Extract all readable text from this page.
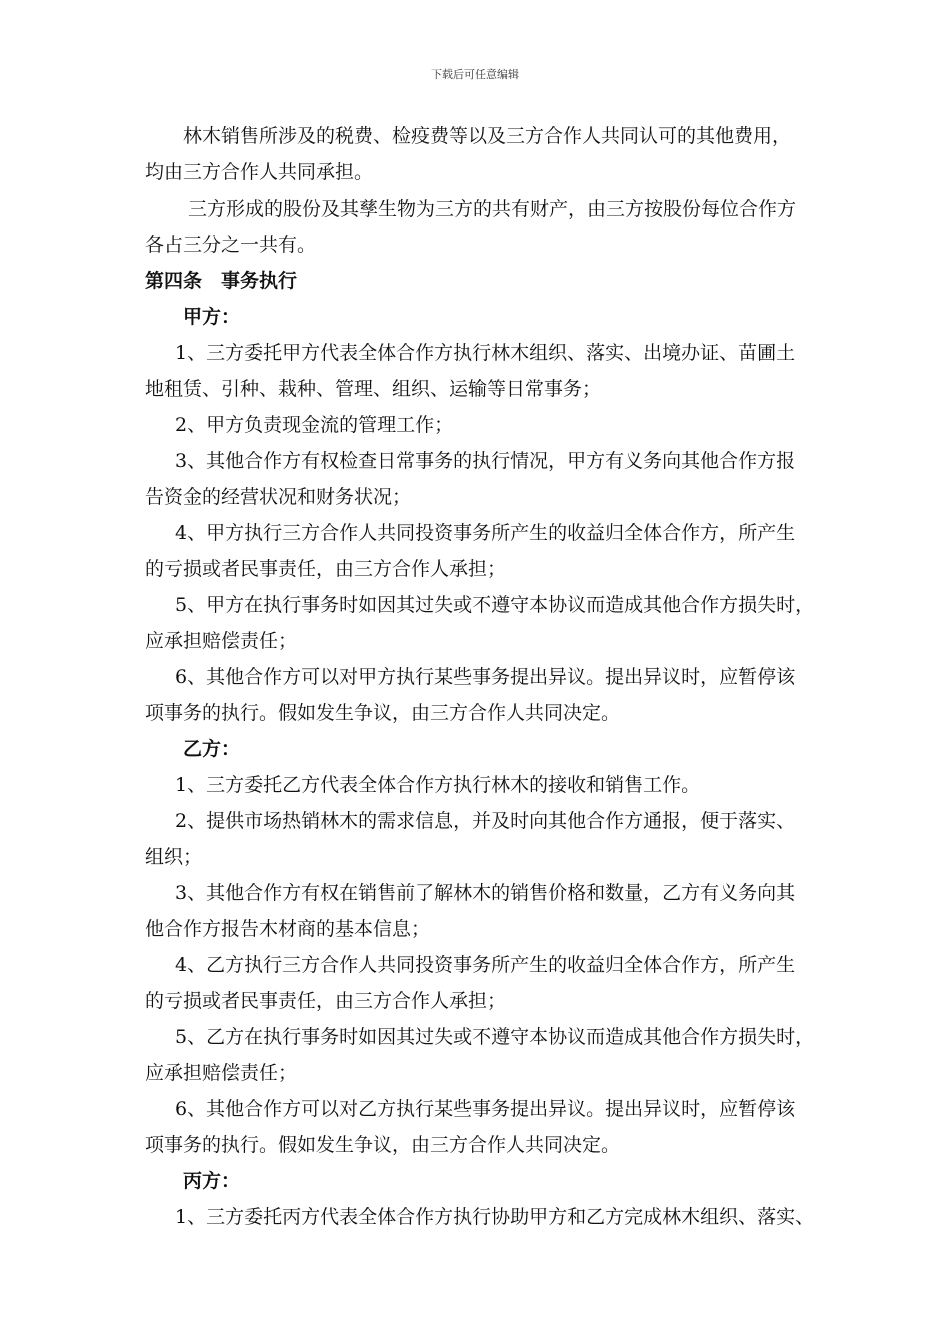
下载后可任意编辑
林木销售所涉及的税费、检疫费等以及三方合作人共同认可的其他费用，
均由三方合作人共同承担。
三方形成的股份及其孳生物为三方的共有财产，由三方按股份每位合作方
各占三分之一共有。
第四条　事务执行
甲方：
1、三方委托甲方代表全体合作方执行林木组织、落实、出境办证、苗圃土
地租赁、引种、栽种、管理、组织、运输等日常事务；
2、甲方负责现金流的管理工作；
3、其他合作方有权检查日常事务的执行情况，甲方有义务向其他合作方报
告资金的经营状况和财务状况；
4、甲方执行三方合作人共同投资事务所产生的收益归全体合作方，所产生
的亏损或者民事责任，由三方合作人承担；
5、甲方在执行事务时如因其过失或不遵守本协议而造成其他合作方损失时，
应承担赔偿责任；
6、其他合作方可以对甲方执行某些事务提出异议。提出异议时，应暂停该
项事务的执行。假如发生争议，由三方合作人共同决定。
乙方：
1、三方委托乙方代表全体合作方执行林木的接收和销售工作。
2、提供市场热销林木的需求信息，并及时向其他合作方通报，便于落实、
组织；
3、其他合作方有权在销售前了解林木的销售价格和数量，乙方有义务向其
他合作方报告木材商的基本信息；
4、乙方执行三方合作人共同投资事务所产生的收益归全体合作方，所产生
的亏损或者民事责任，由三方合作人承担；
5、乙方在执行事务时如因其过失或不遵守本协议而造成其他合作方损失时，
应承担赔偿责任；
6、其他合作方可以对乙方执行某些事务提出异议。提出异议时，应暂停该
项事务的执行。假如发生争议，由三方合作人共同决定。
丙方：
1、三方委托丙方代表全体合作方执行协助甲方和乙方完成林木组织、落实、
